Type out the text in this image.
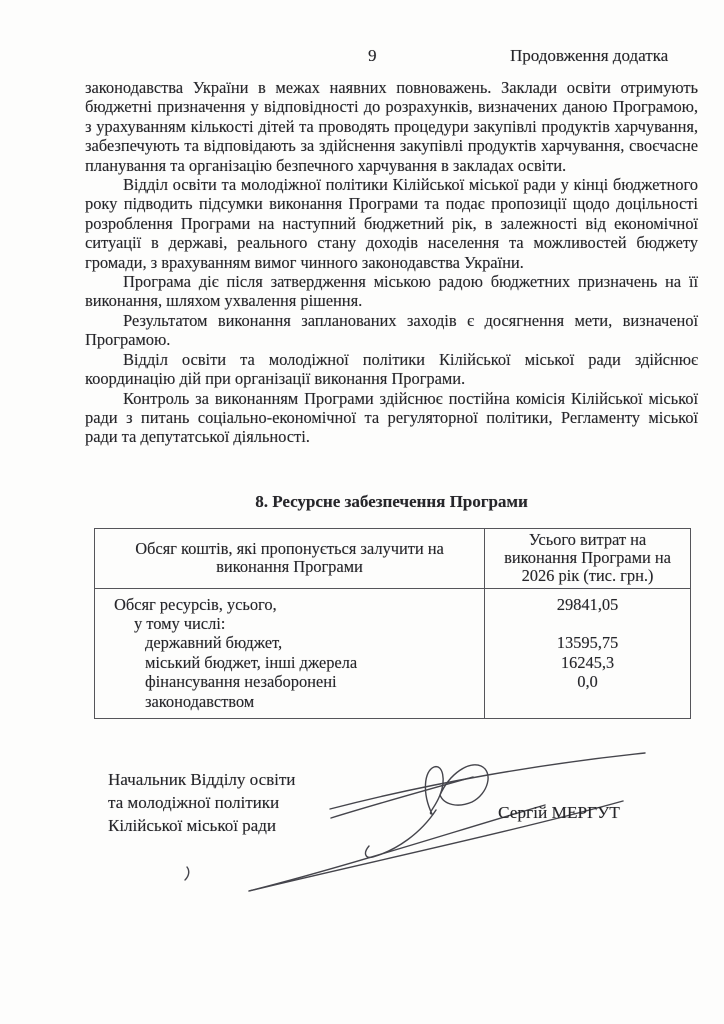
9	Продовження додатка

законодавства України в межах наявних повноважень. Заклади освіти отримують бюджетні призначення у відповідності до розрахунків, визначених даною Програмою, з урахуванням кількості дітей та проводять процедури закупівлі продуктів харчування, забезпечують та відповідають за здійснення закупівлі продуктів харчування, своєчасне планування та організацію безпечного харчування в закладах освіти.

Відділ освіти та молодіжної політики Кілійської міської ради у кінці бюджетного року підводить підсумки виконання Програми та подає пропозиції щодо доцільності розроблення Програми на наступний бюджетний рік, в залежності від економічної ситуації в державі, реального стану доходів населення та можливостей бюджету громади, з врахуванням вимог чинного законодавства України.

Програма діє після затвердження міською радою бюджетних призначень на її виконання, шляхом ухвалення рішення.

Результатом виконання запланованих заходів є досягнення мети, визначеної Програмою.

Відділ освіти та молодіжної політики Кілійської міської ради здійснює координацію дій при організації виконання Програми.

Контроль за виконанням Програми здійснює постійна комісія Кілійської міської ради з питань соціально-економічної та регуляторної політики, Регламенту міської ради та депутатської діяльності.

8. Ресурсне забезпечення Програми
Обсяг коштів, які пропонується залучити на виконання Програми
Усього витрат на виконання Програми на 2026 рік (тис. грн.)
Обсяг ресурсів, усього,
у тому числі:
державний бюджет,
міський бюджет, інші джерела
фінансування незаборонені
законодавством
29841,05
13595,75
16245,3
0,0
Начальник Відділу освіти
та молодіжної політики
Кілійської міської ради
Сергій МЕРГУТ
